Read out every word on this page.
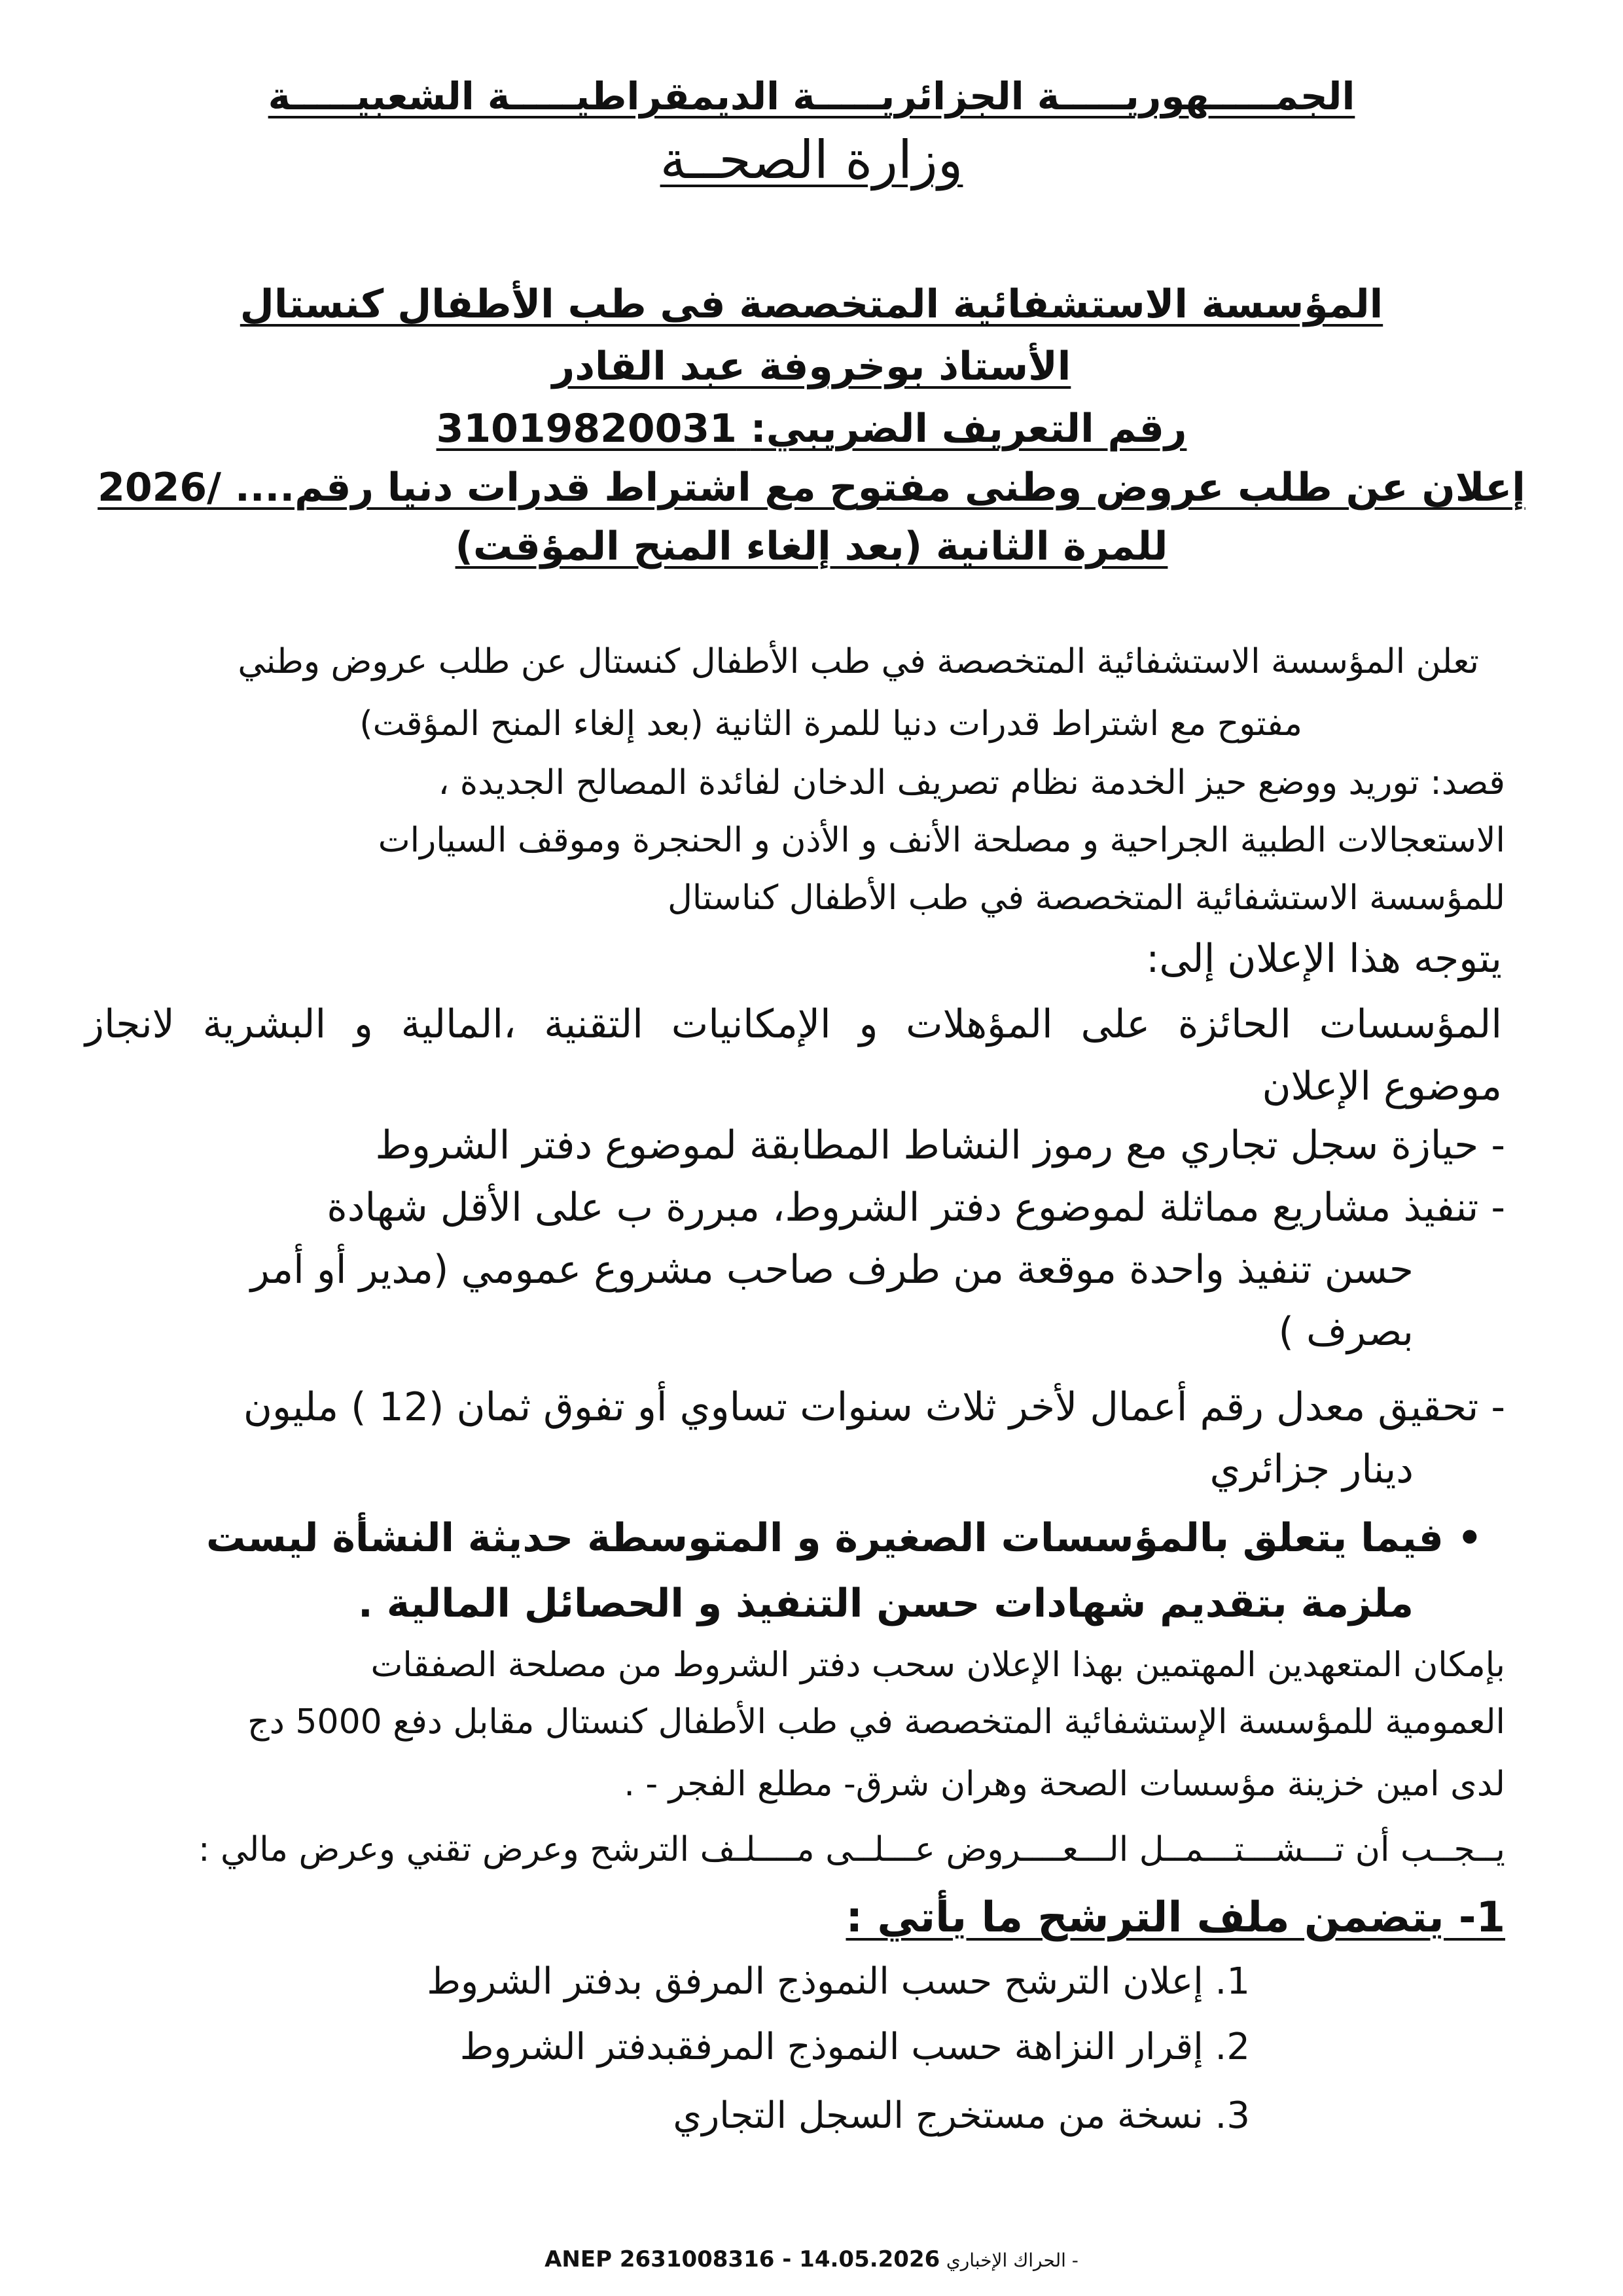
الجمـــــهوريـــــة الجزائريـــــة الديمقراطيـــــة الشعبيـــــة
وزارة الصحــة
المؤسسة الاستشفائية المتخصصة فى طب الأطفال كنستال
الأستاذ بوخروفة عبد القادر
رقم التعريف الضريبي: 31019820031
إعلان عن طلب عروض وطنى مفتوح مع اشتراط قدرات دنيا رقم.... /2026
للمرة الثانية (بعد إلغاء المنح المؤقت)
تعلن المؤسسة الاستشفائية المتخصصة في طب الأطفال كنستال عن طلب عروض وطني
مفتوح مع اشتراط قدرات دنيا للمرة الثانية (بعد إلغاء المنح المؤقت)
قصد: توريد ووضع حيز الخدمة نظام تصريف الدخان لفائدة المصالح الجديدة ،
الاستعجالات الطبية الجراحية و مصلحة الأنف و الأذن و الحنجرة وموقف السيارات
للمؤسسة الاستشفائية المتخصصة في طب الأطفال كناستال
يتوجه هذا الإعلان إلى:
المؤسسات الحائزة على المؤهلات و الإمكانيات التقنية ،المالية و البشرية لانجاز
موضوع الإعلان
- حيازة سجل تجاري مع رموز النشاط المطابقة لموضوع دفتر الشروط
- تنفيذ مشاريع مماثلة لموضوع دفتر الشروط، مبررة ب على الأقل شهادة
حسن تنفيذ واحدة موقعة من طرف صاحب مشروع عمومي (مدير أو أمر
بصرف )
- تحقيق معدل رقم أعمال لأخر ثلاث سنوات تساوي أو تفوق ثمان (12 ) مليون
دينار جزائري
• فيما يتعلق بالمؤسسات الصغيرة و المتوسطة حديثة النشأة ليست
ملزمة بتقديم شهادات حسن التنفيذ و الحصائل المالية .
بإمكان المتعهدين المهتمين بهذا الإعلان سحب دفتر الشروط من مصلحة الصفقات
العمومية للمؤسسة الإستشفائية المتخصصة في طب الأطفال كنستال مقابل دفع 5000 دج
لدى امين خزينة مؤسسات الصحة وهران شرق- مطلع الفجر - .
يــجــب أن تـــشـــتـــمــل الـــعــــروض عـــلــى مــــلـف الترشح وعرض تقني وعرض مالي :
1- يتضمن ملف الترشح ما يأتي :
1. إعلان الترشح حسب النموذج المرفق بدفتر الشروط
2. إقرار النزاهة حسب النموذج المرفقبدفتر الشروط
3. نسخة من مستخرج السجل التجاري
ANEP 2631008316 - 14.05.2026 - الحراك الإخباري
